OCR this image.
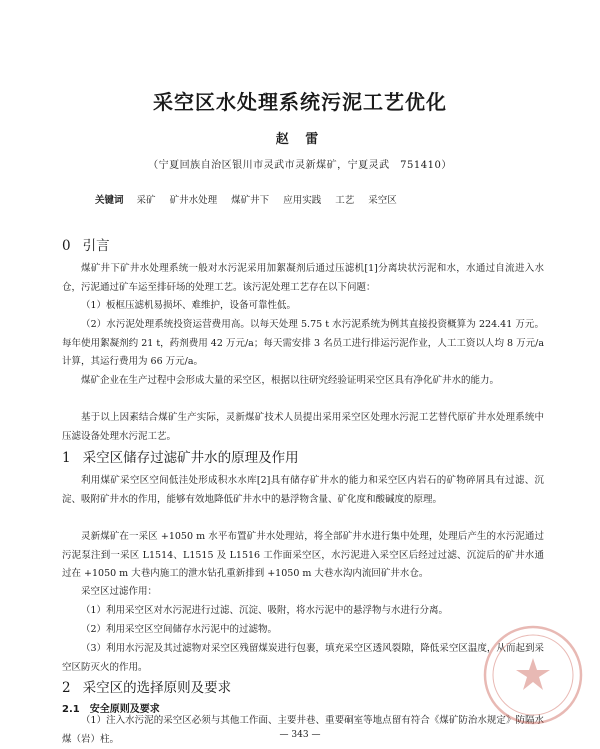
采空区水处理系统污泥工艺优化
赵 雷
（宁夏回族自治区银川市灵武市灵新煤矿，宁夏灵武　751410）
关键词 采矿 矿井水处理 煤矿井下 应用实践 工艺 采空区
0 引言
煤矿井下矿井水处理系统一般对水污泥采用加絮凝剂后通过压滤机[1]分离块状污泥和水，水通过自流进入水仓，污泥通过矿车运至排矸场的处理工艺。该污泥处理工艺存在以下问题：
（1）板框压滤机易损坏、难维护，设备可靠性低。
（2）水污泥处理系统投资运营费用高。以每天处理 5.75 t 水污泥系统为例其直接投资概算为 224.41 万元。每年使用絮凝剂约 21 t，药剂费用 42 万元/a；每天需安排 3 名员工进行排运污泥作业，人工工资以人均 8 万元/a 计算，其运行费用为 66 万元/a。
煤矿企业在生产过程中会形成大量的采空区，根据以往研究经验证明采空区具有净化矿井水的能力。
基于以上因素结合煤矿生产实际，灵新煤矿技术人员提出采用采空区处理水污泥工艺替代原矿井水处理系统中压滤设备处理水污泥工艺。
1 采空区储存过滤矿井水的原理及作用
利用煤矿采空区空间低洼处形成积水水库[2]具有储存矿井水的能力和采空区内岩石的矿物碎屑具有过滤、沉淀、吸附矿井水的作用，能够有效地降低矿井水中的悬浮物含量、矿化度和酸碱度的原理。
灵新煤矿在一采区 +1050 m 水平布置矿井水处理站，将全部矿井水进行集中处理，处理后产生的水污泥通过污泥泵注到一采区 L1514、L1515 及 L1516 工作面采空区，水污泥进入采空区后经过过滤、沉淀后的矿井水通过在 +1050 m 大巷内施工的泄水钻孔重新排到 +1050 m 大巷水沟内流回矿井水仓。
采空区过滤作用：
（1）利用采空区对水污泥进行过滤、沉淀、吸附，将水污泥中的悬浮物与水进行分离。
（2）利用采空区空间储存水污泥中的过滤物。
（3）利用水污泥及其过滤物对采空区残留煤炭进行包裹，填充采空区透风裂隙，降低采空区温度，从而起到采空区防灭火的作用。
2 采空区的选择原则及要求
2.1 安全原则及要求
（1）注入水污泥的采空区必须与其他工作面、主要井巷、重要硐室等地点留有符合《煤矿防治水规定》防隔水煤（岩）柱。	— 343 —
